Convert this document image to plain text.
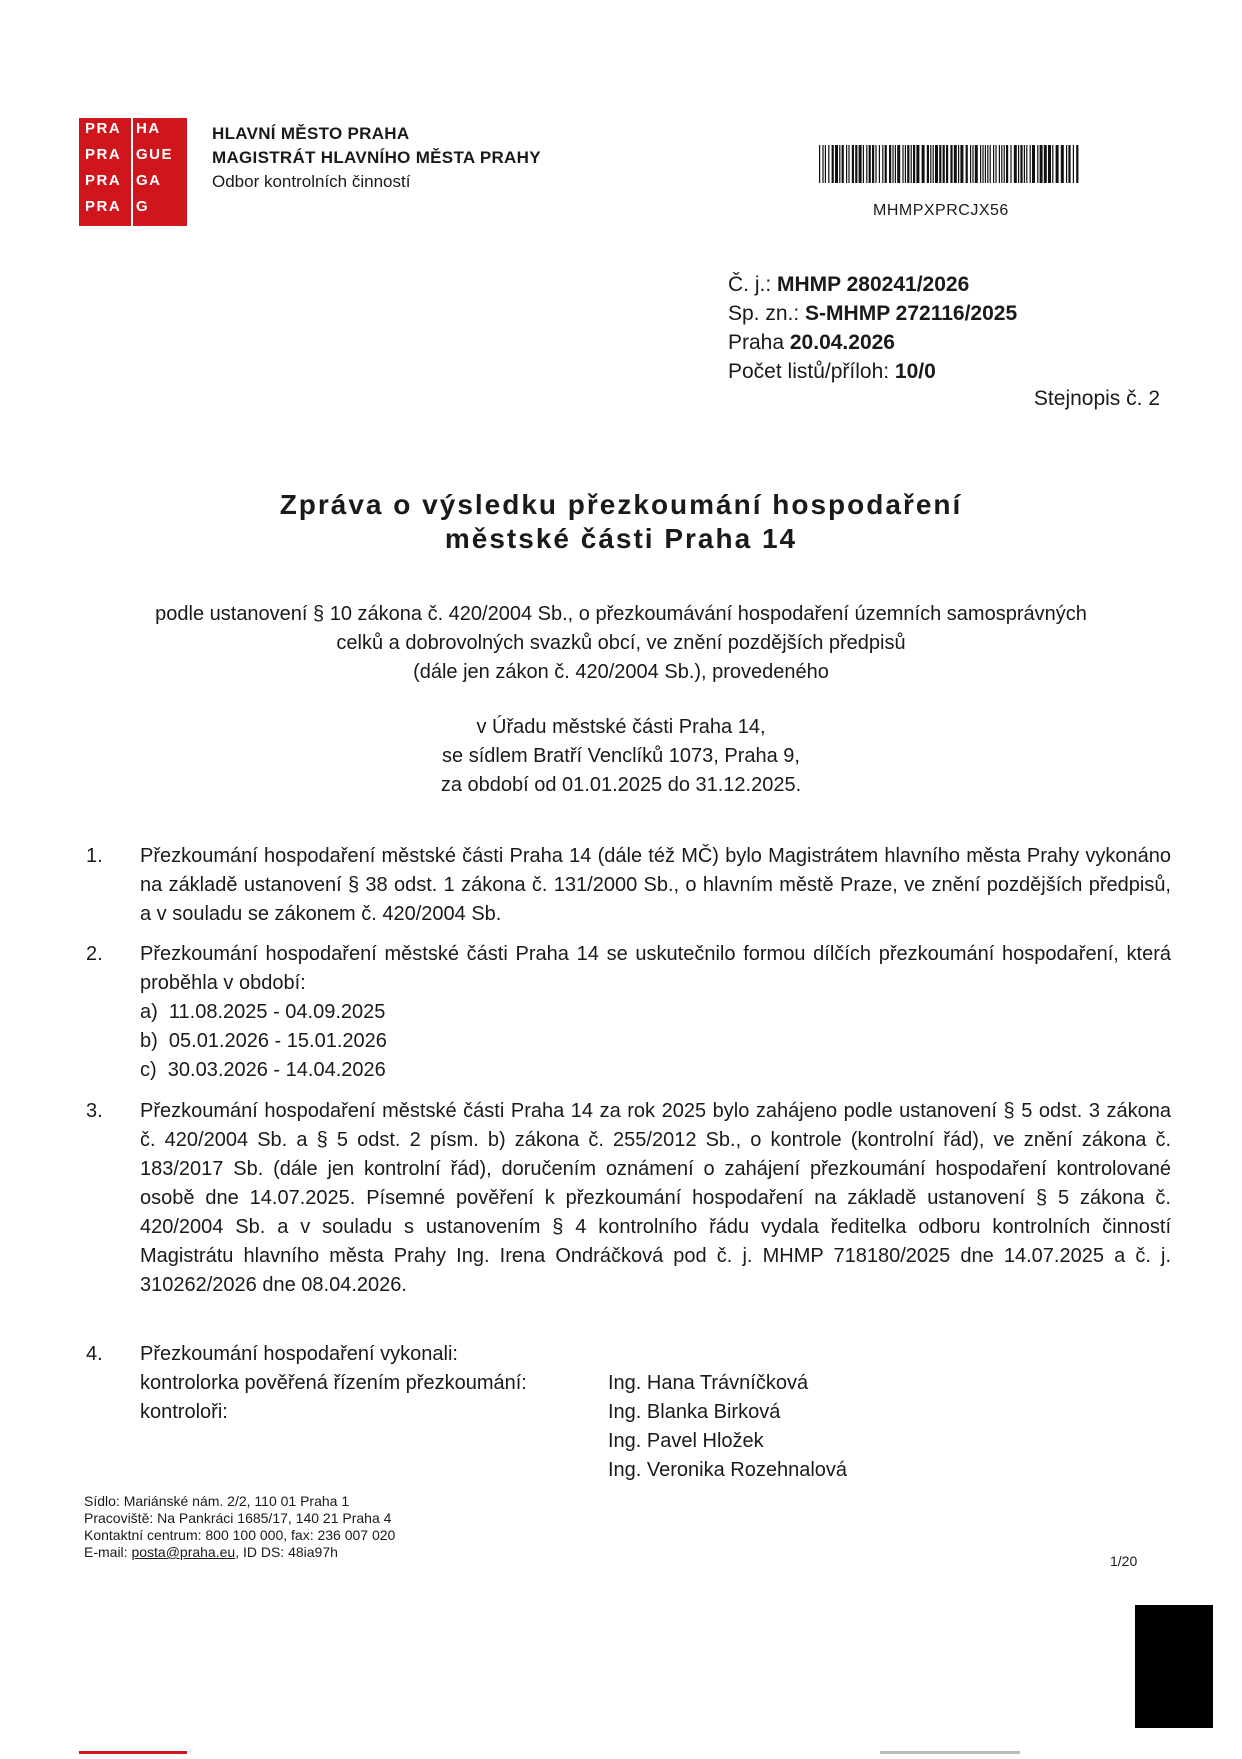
PRA HA
PRA GUE
PRA GA
PRA G
HLAVNÍ MĚSTO PRAHA
MAGISTRÁT HLAVNÍHO MĚSTA PRAHY
Odbor kontrolních činností
MHMPXPRCJX56
Č. j.: MHMP 280241/2026
Sp. zn.: S-MHMP 272116/2025
Praha 20.04.2026
Počet listů/příloh: 10/0
Stejnopis č. 2
Zpráva o výsledku přezkoumání hospodaření
městské části Praha 14
podle ustanovení § 10 zákona č. 420/2004 Sb., o přezkoumávání hospodaření územních samosprávných
celků a dobrovolných svazků obcí, ve znění pozdějších předpisů
(dále jen zákon č. 420/2004 Sb.), provedeného
v Úřadu městské části Praha 14,
se sídlem Bratří Venclíků 1073, Praha 9,
za období od 01.01.2025 do 31.12.2025.
1. Přezkoumání hospodaření městské části Praha 14 (dále též MČ) bylo Magistrátem hlavního města Prahy vykonáno na základě ustanovení § 38 odst. 1 zákona č. 131/2000 Sb., o hlavním městě Praze, ve znění pozdějších předpisů, a v souladu se zákonem č. 420/2004 Sb.
2. Přezkoumání hospodaření městské části Praha 14 se uskutečnilo formou dílčích přezkoumání hospodaření, která proběhla v období:
a)  11.08.2025 - 04.09.2025
b)  05.01.2026 - 15.01.2026
c)  30.03.2026 - 14.04.2026
3. Přezkoumání hospodaření městské části Praha 14 za rok 2025 bylo zahájeno podle ustanovení § 5 odst. 3 zákona č. 420/2004 Sb. a § 5 odst. 2 písm. b) zákona č. 255/2012 Sb., o kontrole (kontrolní řád), ve znění zákona č. 183/2017 Sb. (dále jen kontrolní řád), doručením oznámení o zahájení přezkoumání hospodaření kontrolované osobě dne 14.07.2025. Písemné pověření k přezkoumání hospodaření na základě ustanovení § 5 zákona č. 420/2004 Sb. a v souladu s ustanovením § 4 kontrolního řádu vydala ředitelka odboru kontrolních činností Magistrátu hlavního města Prahy Ing. Irena Ondráčková pod č. j. MHMP 718180/2025 dne 14.07.2025 a č. j. 310262/2026 dne 08.04.2026.
4. Přezkoumání hospodaření vykonali:
kontrolorka pověřená řízením přezkoumání:
kontroloři:
Ing. Hana Trávníčková
Ing. Blanka Birková
Ing. Pavel Hložek
Ing. Veronika Rozehnalová
Sídlo: Mariánské nám. 2/2, 110 01 Praha 1
Pracoviště: Na Pankráci 1685/17, 140 21 Praha 4
Kontaktní centrum: 800 100 000, fax: 236 007 020
E-mail: posta@praha.eu, ID DS: 48ia97h
1/20
